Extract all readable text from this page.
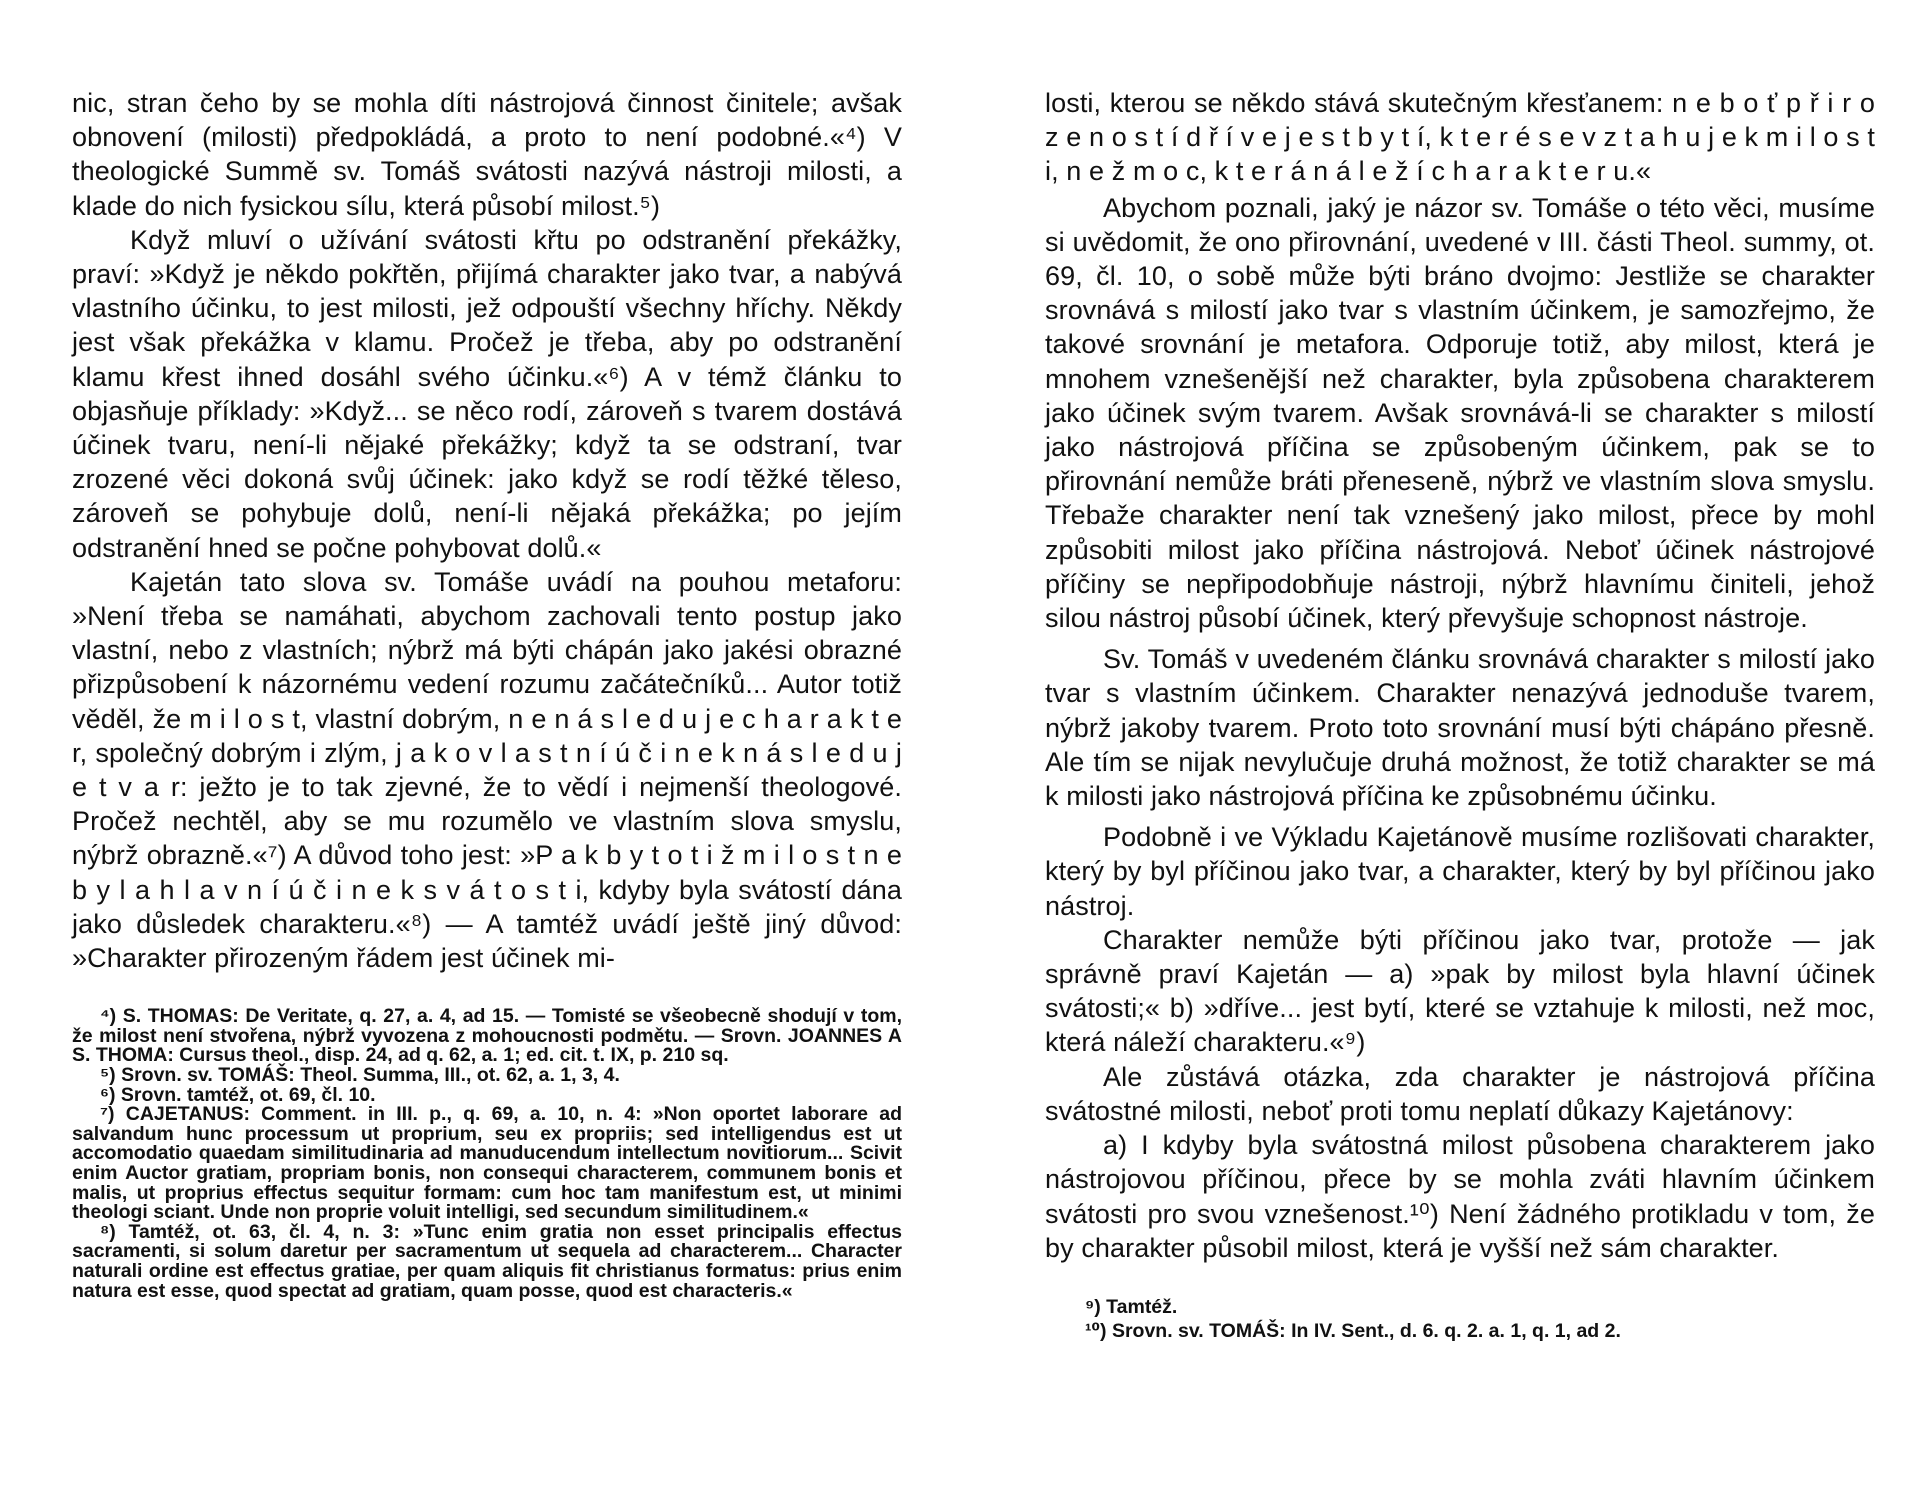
nic, stran čeho by se mohla díti nástrojová činnost činitele; avšak obnovení (milosti) předpokládá, a proto to není podobné.«⁴) V theologické Summě sv. Tomáš svátosti nazývá nástroji milosti, a klade do nich fysickou sílu, která působí milost.⁵)

Když mluví o užívání svátosti křtu po odstranění překážky, praví: »Když je někdo pokřtěn, přijímá charakter jako tvar, a nabývá vlastního účinku, to jest milosti, jež odpouští všechny hříchy. Někdy jest však překážka v klamu. Pročež je třeba, aby po odstranění klamu křest ihned dosáhl svého účinku.«⁶) A v témž článku to objasňuje příklady: »Když... se něco rodí, zároveň s tvarem dostává účinek tvaru, není-li nějaké překážky; když ta se odstraní, tvar zrozené věci dokoná svůj účinek: jako když se rodí těžké těleso, zároveň se pohybuje dolů, není-li nějaká překážka; po jejím odstranění hned se počne pohybovat dolů.«

Kajetán tato slova sv. Tomáše uvádí na pouhou metaforu: »Není třeba se namáhati, abychom zachovali tento postup jako vlastní, nebo z vlastních; nýbrž má býti chápán jako jakési obrazné přizpůsobení k názornému vedení rozumu začátečníků... Autor totiž věděl, že m i l o s t, vlastní dobrým, n e n á s l e d u j e c h a r a k t e r, společný dobrým i zlým, j a k o v l a s t n í ú č i n e k n á s l e d u j e t v a r: ježto je to tak zjevné, že to vědí i nejmenší theologové. Pročež nechtěl, aby se mu rozumělo ve vlastním slova smyslu, nýbrž obrazně.«⁷) A důvod toho jest: »P a k b y t o t i ž m i l o s t n e b y l a h l a v n í ú č i n e k s v á t o s t i, kdyby byla svátostí dána jako důsledek charakteru.«⁸) — A tamtéž uvádí ještě jiný důvod: »Charakter přirozeným řádem jest účinek mi-

⁴) S. THOMAS: De Veritate, q. 27, a. 4, ad 15. — Tomisté se všeobecně shodují v tom, že milost není stvořena, nýbrž vyvozena z mohoucnosti podmětu. — Srovn. JOANNES A S. THOMA: Cursus theol., disp. 24, ad q. 62, a. 1; ed. cit. t. IX, p. 210 sq.

⁵) Srovn. sv. TOMÁŠ: Theol. Summa, III., ot. 62, a. 1, 3, 4.

⁶) Srovn. tamtéž, ot. 69, čl. 10.

⁷) CAJETANUS: Comment. in III. p., q. 69, a. 10, n. 4: »Non oportet laborare ad salvandum hunc processum ut proprium, seu ex propriis; sed intelligendus est ut accomodatio quaedam similitudinaria ad manuducendum intellectum novitiorum... Scivit enim Auctor gratiam, propriam bonis, non consequi characterem, communem bonis et malis, ut proprius effectus sequitur formam: cum hoc tam manifestum est, ut minimi theologi sciant. Unde non proprie voluit intelligi, sed secundum similitudinem.«

⁸) Tamtéž, ot. 63, čl. 4, n. 3: »Tunc enim gratia non esset principalis effectus sacramenti, si solum daretur per sacramentum ut sequela ad characterem... Character naturali ordine est effectus gratiae, per quam aliquis fit christianus formatus: prius enim natura est esse, quod spectat ad gratiam, quam posse, quod est characteris.«

losti, kterou se někdo stává skutečným křesťanem: n e b o ť p ř i r o z e n o s t í d ř í v e j e s t b y t í, k t e r é s e v z t a h u j e k m i l o s t i, n e ž m o c, k t e r á n á l e ž í c h a r a k t e r u.«

Abychom poznali, jaký je názor sv. Tomáše o této věci, musíme si uvědomit, že ono přirovnání, uvedené v III. části Theol. summy, ot. 69, čl. 10, o sobě může býti bráno dvojmo: Jestliže se charakter srovnává s milostí jako tvar s vlastním účinkem, je samozřejmo, že takové srovnání je metafora. Odporuje totiž, aby milost, která je mnohem vznešenější než charakter, byla způsobena charakterem jako účinek svým tvarem. Avšak srovnává-li se charakter s milostí jako nástrojová příčina se způsobeným účinkem, pak se to přirovnání nemůže bráti přeneseně, nýbrž ve vlastním slova smyslu. Třebaže charakter není tak vznešený jako milost, přece by mohl způsobiti milost jako příčina nástrojová. Neboť účinek nástrojové příčiny se nepřipodobňuje nástroji, nýbrž hlavnímu činiteli, jehož silou nástroj působí účinek, který převyšuje schopnost nástroje.

Sv. Tomáš v uvedeném článku srovnává charakter s milostí jako tvar s vlastním účinkem. Charakter nenazývá jednoduše tvarem, nýbrž jakoby tvarem. Proto toto srovnání musí býti chápáno přesně. Ale tím se nijak nevylučuje druhá možnost, že totiž charakter se má k milosti jako nástrojová příčina ke způsobnému účinku.

Podobně i ve Výkladu Kajetánově musíme rozlišovati charakter, který by byl příčinou jako tvar, a charakter, který by byl příčinou jako nástroj.

Charakter nemůže býti příčinou jako tvar, protože — jak správně praví Kajetán — a) »pak by milost byla hlavní účinek svátosti;« b) »dříve... jest bytí, které se vztahuje k milosti, než moc, která náleží charakteru.«⁹)

Ale zůstává otázka, zda charakter je nástrojová příčina svátostné milosti, neboť proti tomu neplatí důkazy Kajetánovy:

a) I kdyby byla svátostná milost působena charakterem jako nástrojovou příčinou, přece by se mohla zváti hlavním účinkem svátosti pro svou vznešenost.¹⁰) Není žádného protikladu v tom, že by charakter působil milost, která je vyšší než sám charakter.

⁹) Tamtéž.

¹⁰) Srovn. sv. TOMÁŠ: In IV. Sent., d. 6. q. 2. a. 1, q. 1, ad 2.
